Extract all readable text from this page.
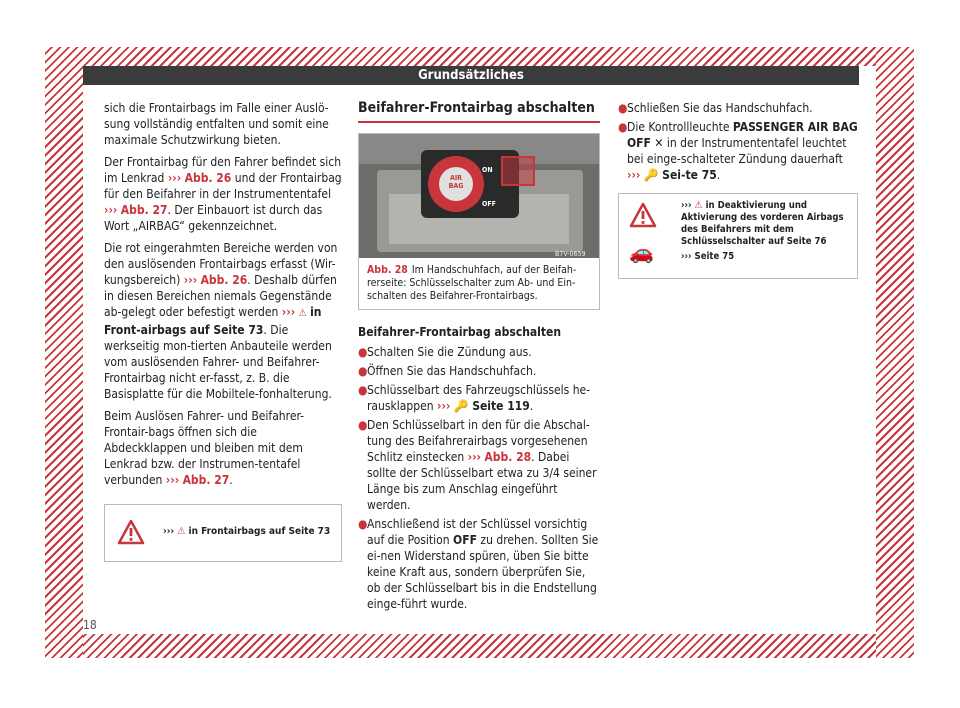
Grundsätzliches

sich die Frontairbags im Falle einer Auslö-sung vollständig entfalten und somit eine maximale Schutzwirkung bieten.

Der Frontairbag für den Fahrer befindet sich im Lenkrad ››› Abb. 26 und der Frontairbag für den Beifahrer in der Instrumententafel ››› Abb. 27. Der Einbauort ist durch das Wort „AIRBAG“ gekennzeichnet.

Die rot eingerahmten Bereiche werden von den auslösenden Frontairbags erfasst (Wir-kungsbereich) ››› Abb. 26. Deshalb dürfen in diesen Bereichen niemals Gegenstände ab-gelegt oder befestigt werden ››› ⚠ in Front-airbags auf Seite 73. Die werkseitig mon-tierten Anbauteile werden vom auslösenden Fahrer- und Beifahrer-Frontairbag nicht er-fasst, z. B. die Basisplatte für die Mobiltele-fonhalterung.

Beim Auslösen Fahrer- und Beifahrer-Frontair-bags öffnen sich die Abdeckklappen und bleiben mit dem Lenkrad bzw. der Instrumen-tentafel verbunden ››› Abb. 27.

››› ⚠ in Frontairbags auf Seite 73
Beifahrer-Frontairbag abschalten
AIR
BAG
ON
OFF
B7V-0659
Abb. 28 Im Handschuhfach, auf der Beifah-rerseite: Schlüsselschalter zum Ab- und Ein-schalten des Beifahrer-Frontairbags.
Beifahrer-Frontairbag abschalten
● Schalten Sie die Zündung aus.
● Öffnen Sie das Handschuhfach.
● Schlüsselbart des Fahrzeugschlüssels he-rausklappen ››› 🔑 Seite 119.
● Den Schlüsselbart in den für die Abschal-tung des Beifahrerairbags vorgesehenen Schlitz einstecken ››› Abb. 28. Dabei sollte der Schlüsselbart etwa zu 3/4 seiner Länge bis zum Anschlag eingeführt werden.
● Anschließend ist der Schlüssel vorsichtig auf die Position OFF zu drehen. Sollten Sie ei-nen Widerstand spüren, üben Sie bitte keine Kraft aus, sondern überprüfen Sie, ob der Schlüsselbart bis in die Endstellung einge-führt wurde.
● Schließen Sie das Handschuhfach.
● Die Kontrollleuchte PASSENGER AIR BAG OFF ✕ in der Instrumententafel leuchtet bei einge-schalteter Zündung dauerhaft ››› 🔑 Sei-te 75.
››› ⚠ in Deaktivierung und Aktivierung des vorderen Airbags des Beifahrers mit dem Schlüsselschalter auf Seite 76
🚗	››› Seite 75
18
